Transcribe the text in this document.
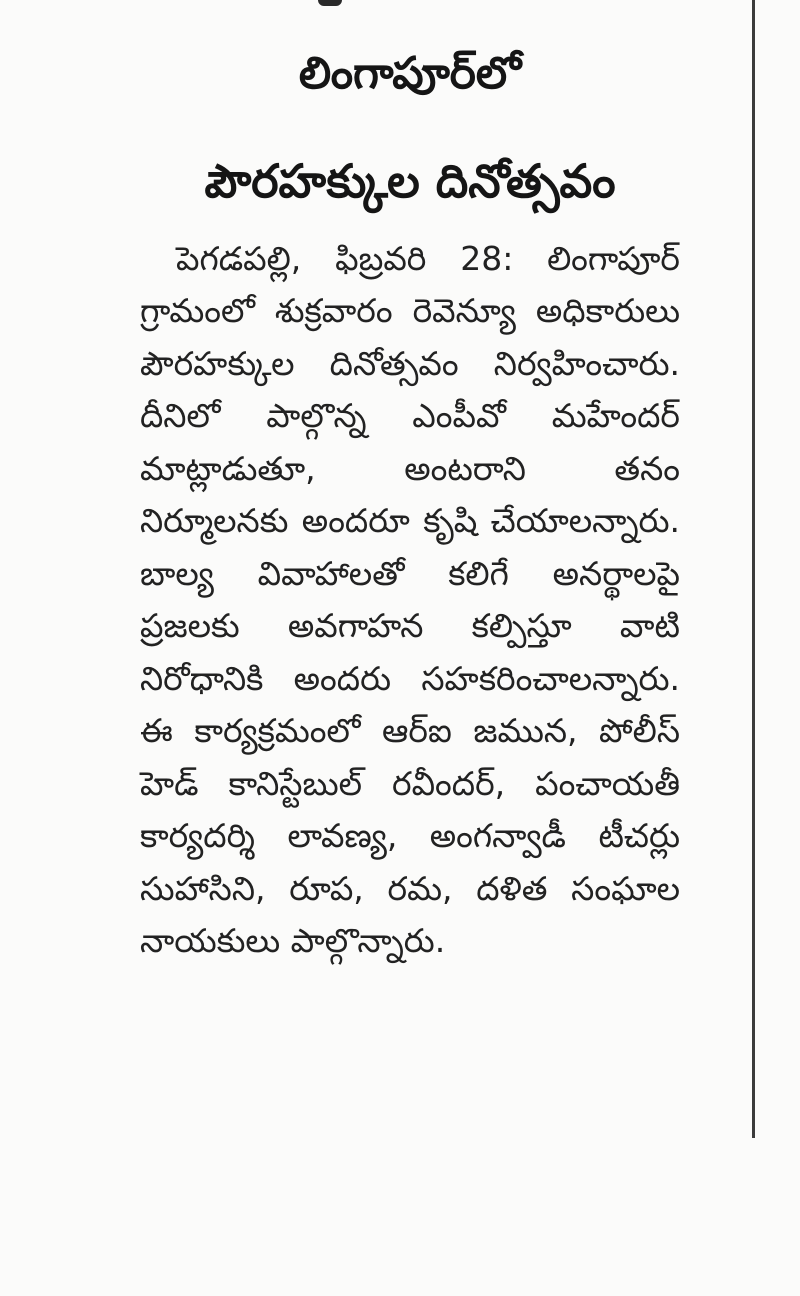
లింగాపూర్‌లో
పౌరహక్కుల దినోత్సవం

పెగడపల్లి, ఫిబ్రవరి 28: లింగాపూర్ గ్రామంలో శుక్రవారం రెవెన్యూ అధికారులు పౌరహక్కుల దినోత్సవం నిర్వహించారు. దీనిలో పాల్గొన్న ఎంపీవో మహేందర్ మాట్లాడుతూ, అంటరాని తనం నిర్మూలనకు అందరూ కృషి చేయాలన్నారు. బాల్య వివాహాలతో కలిగే అనర్థాలపై ప్రజలకు అవగాహన కల్పిస్తూ వాటి నిరోధానికి అందరు సహకరించాలన్నారు. ఈ కార్యక్రమంలో ఆర్ఐ జమున, పోలీస్ హెడ్ కానిస్టేబుల్ రవీందర్, పంచాయతీ కార్యదర్శి లావణ్య, అంగన్వాడీ టీచర్లు సుహాసిని, రూప, రమ, దళిత సంఘాల నాయకులు పాల్గొన్నారు.
